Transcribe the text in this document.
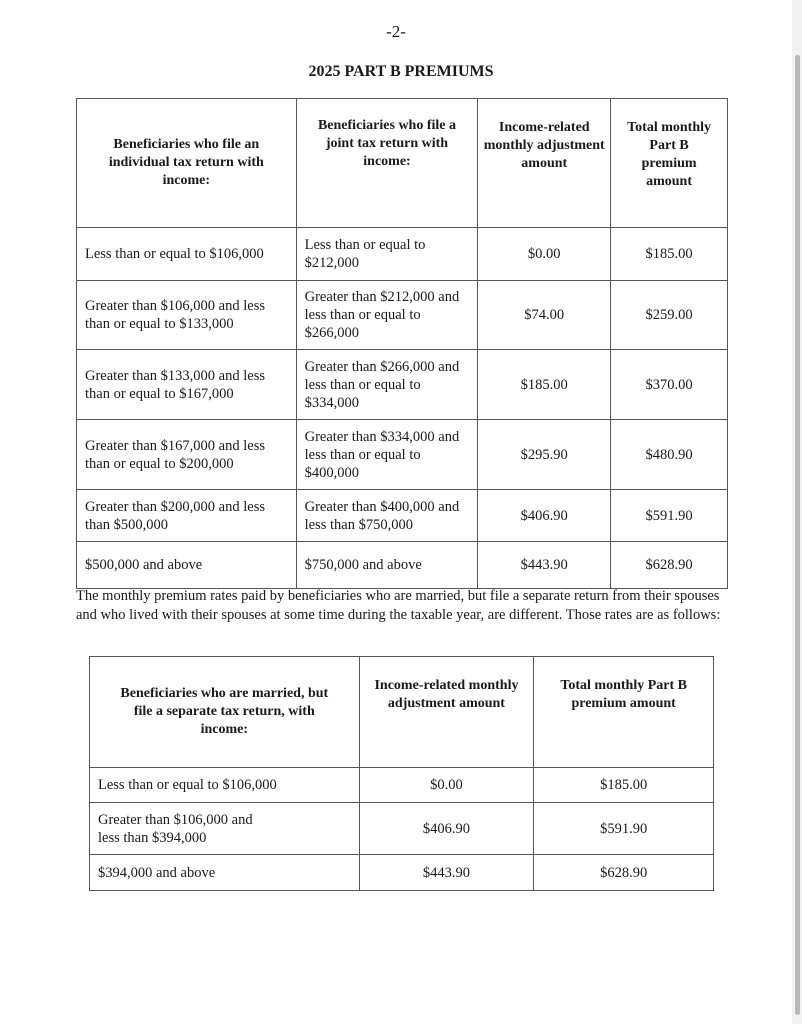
-2-
2025 PART B PREMIUMS
Beneficiaries who file an individual tax return with income:	Beneficiaries who file a joint tax return with income:	Income-related monthly adjustment amount	Total monthly Part B premium amount
Less than or equal to $106,000	Less than or equal to $212,000	$0.00	$185.00
Greater than $106,000 and less than or equal to $133,000	Greater than $212,000 and less than or equal to $266,000	$74.00	$259.00
Greater than $133,000 and less than or equal to $167,000	Greater than $266,000 and less than or equal to $334,000	$185.00	$370.00
Greater than $167,000 and less than or equal to $200,000	Greater than $334,000 and less than or equal to $400,000	$295.90	$480.90
Greater than $200,000 and less than $500,000	Greater than $400,000 and less than $750,000	$406.90	$591.90
$500,000 and above	$750,000 and above	$443.90	$628.90
The monthly premium rates paid by beneficiaries who are married, but file a separate return from their spouses and who lived with their spouses at some time during the taxable year, are different. Those rates are as follows:
Beneficiaries who are married, but file a separate tax return, with income:	Income-related monthly adjustment amount	Total monthly Part B premium amount
Less than or equal to $106,000	$0.00	$185.00
Greater than $106,000 and less than $394,000	$406.90	$591.90
$394,000 and above	$443.90	$628.90
